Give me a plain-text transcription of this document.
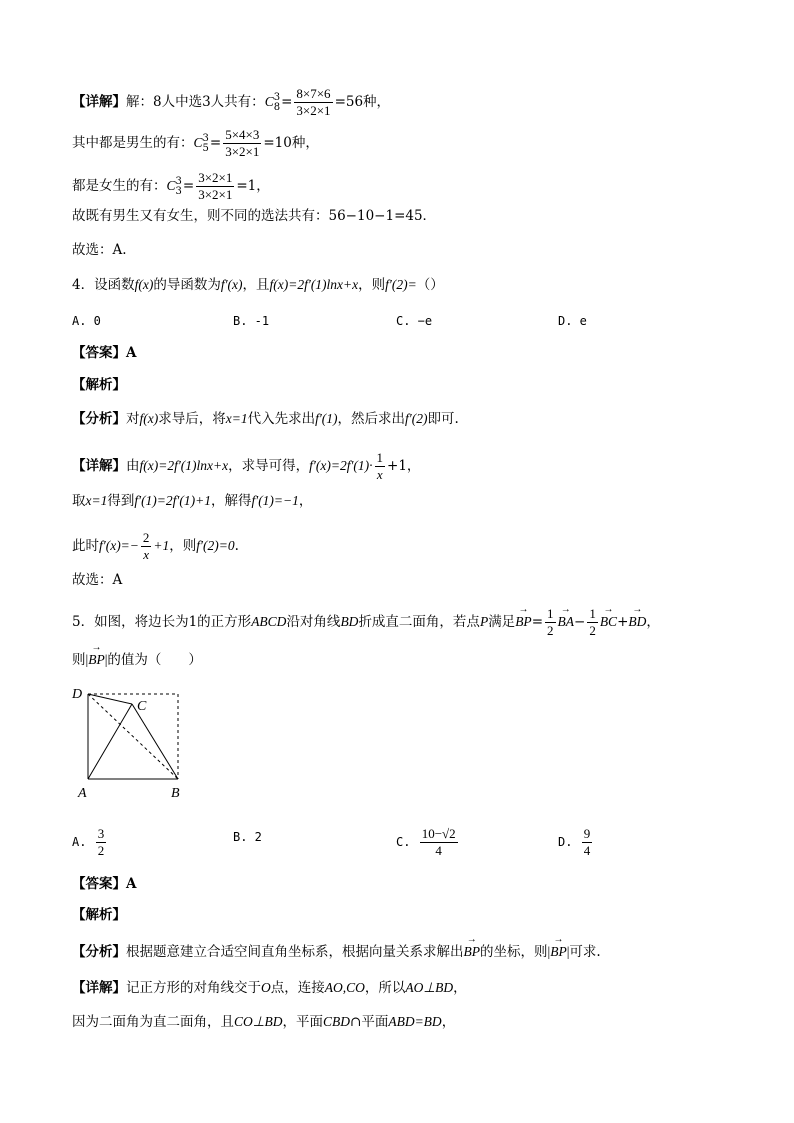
【详解】解：8人中选3人共有：C3
$8= \frac{8\times 7\times 6}{3\times 2\times 1} =56$种，
其中都是男生的有：C3
$5= \frac{5\times 4\times 3}{3\times 2\times 1} =10$种，
都是女生的有：C3
$3= \frac{3\times 2\times 1}{3\times 2\times 1} =1$，
故既有男生又有女生，则不同的选法共有：56−10−1=45．
故选：A.
4．设函数f(x)的导函数为f′(x)，且f(x)=2f′(1)lnx+x，则f′(2)=（）
A. 0	B. -1	C. −e	D. e
【答案】A
【解析】
【分析】对f(x)求导后，将x=1代入先求出f′(1)，然后求出f′(2)即可.
【详解】由f(x)=2f′(1)lnx+x，求导可得，$f'(x)=2f'(1)\cdot \frac{1}{x} +1$，
取x=1得到f′(1)=2f′(1)+1，解得f′(1)=−1，
此时$f'(x)=- \frac{2}{x} +1$，则f′(2)=0.
故选：A
5．如图，将边长为1的正方形ABCD沿对角线BD折成直二面角，若点P满足→ $BP= \frac{1}{2}$
→ $BA- \frac{1}{2}$
→ BC+→ BD，
则|→ BP|的值为（　　）
D
C
A	B
A. $\frac{3}{2}$	B. 2	C. $\frac{10-√2}{4}$	D. $\frac{9}{4}$
【答案】A
【解析】
【分析】根据题意建立合适空间直角坐标系，根据向量关系求解出→ BP的坐标，则|→ BP|可求.
【详解】记正方形的对角线交于O点，连接AO,CO，所以AO⊥BD，
因为二面角为直二面角，且CO⊥BD，平面CBD∩平面ABD=BD，
